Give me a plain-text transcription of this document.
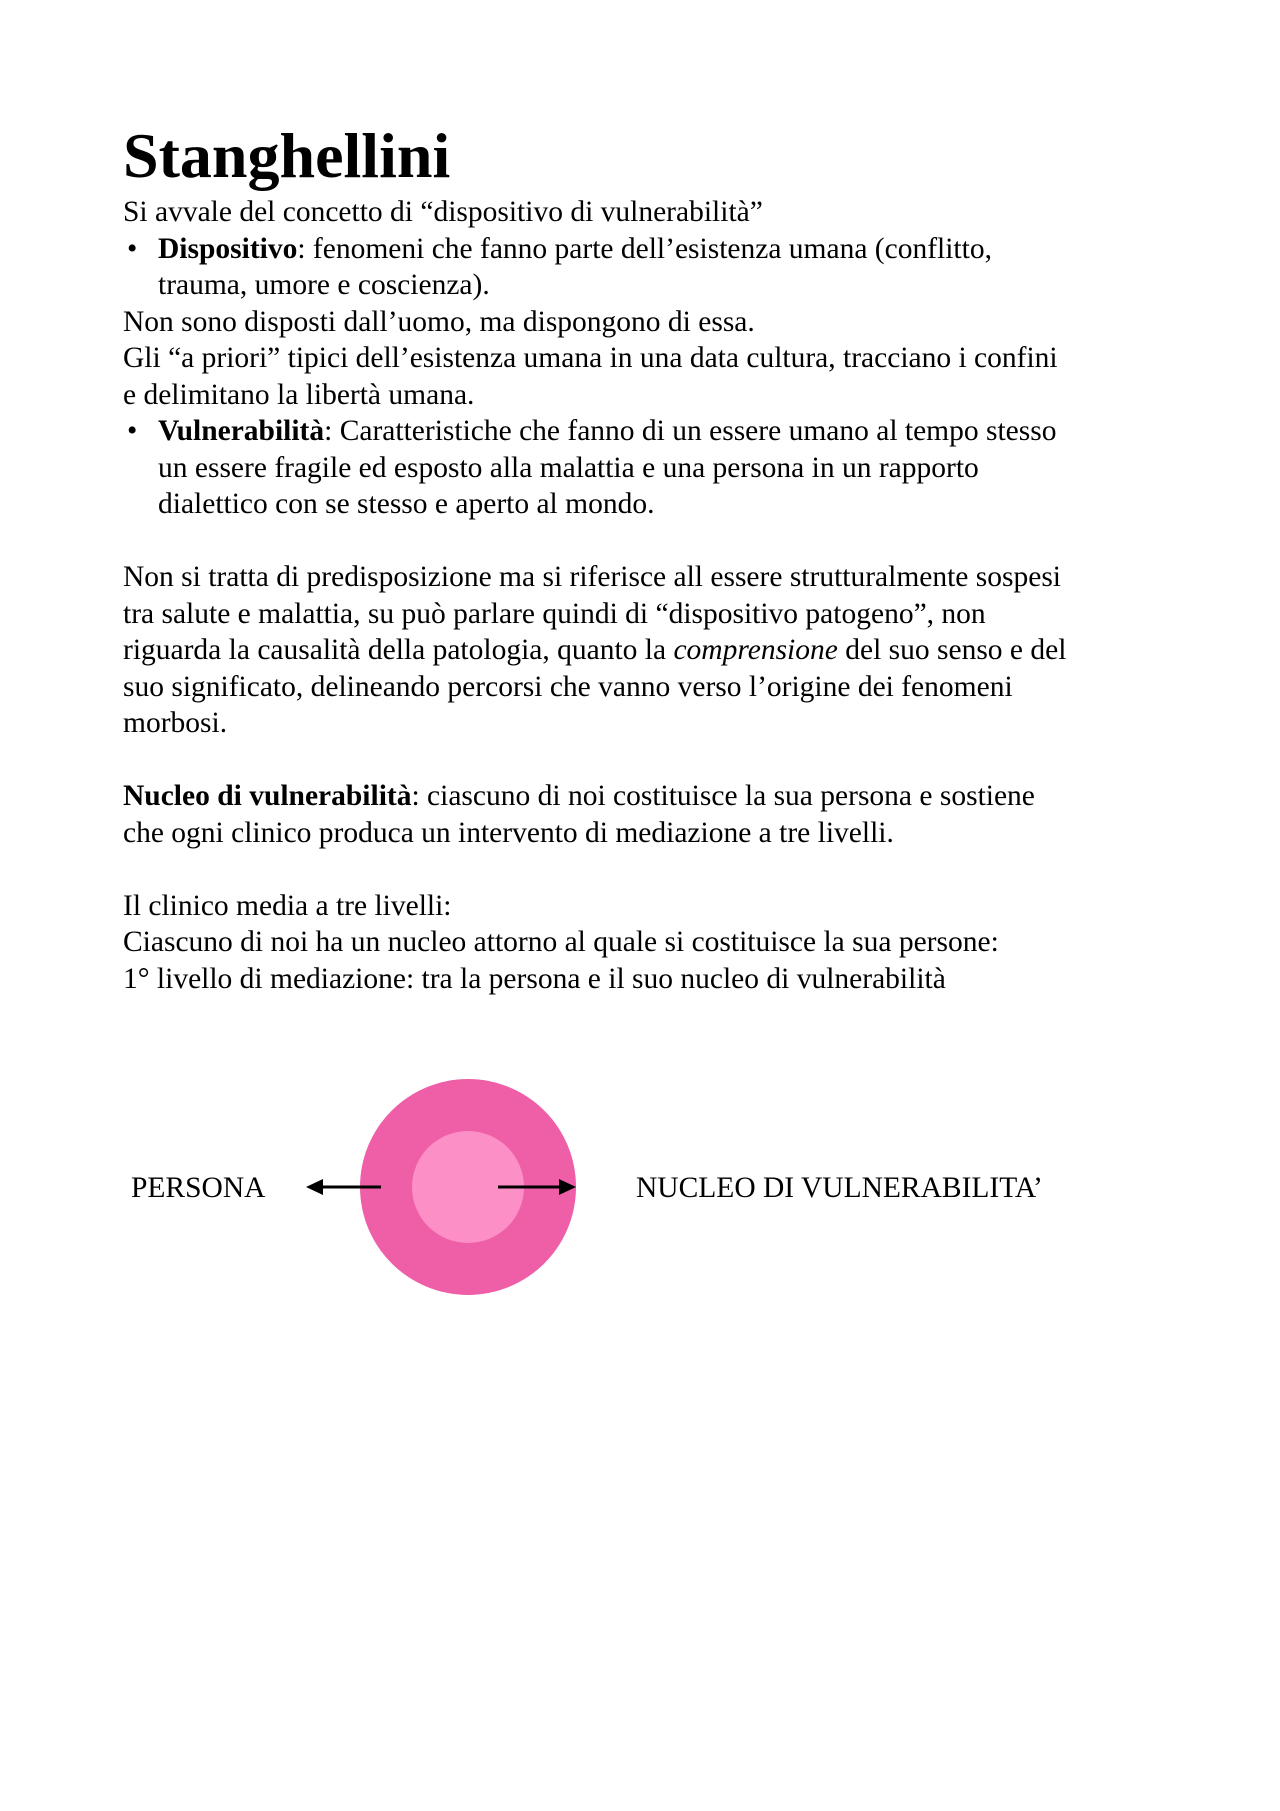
Stanghellini

Si avvale del concetto di “dispositivo di vulnerabilità”

• Dispositivo: fenomeni che fanno parte dell’esistenza umana (conflitto,
trauma, umore e coscienza).

Non sono disposti dall’uomo, ma dispongono di essa.

Gli “a priori” tipici dell’esistenza umana in una data cultura, tracciano i confini

e delimitano la libertà umana.

• Vulnerabilità: Caratteristiche che fanno di un essere umano al tempo stesso
un essere fragile ed esposto alla malattia e una persona in un rapporto
dialettico con se stesso e aperto al mondo.

Non si tratta di predisposizione ma si riferisce all essere strutturalmente sospesi

tra salute e malattia, su può parlare quindi di “dispositivo patogeno”, non

riguarda la causalità della patologia, quanto la comprensione del suo senso e del

suo significato, delineando percorsi che vanno verso l’origine dei fenomeni

morbosi.

Nucleo di vulnerabilità: ciascuno di noi costituisce la sua persona e sostiene

che ogni clinico produca un intervento di mediazione a tre livelli.

Il clinico media a tre livelli:

Ciascuno di noi ha un nucleo attorno al quale si costituisce la sua persone:

1° livello di mediazione: tra la persona e il suo nucleo di vulnerabilità

PERSONA	NUCLEO DI VULNERABILITA’
